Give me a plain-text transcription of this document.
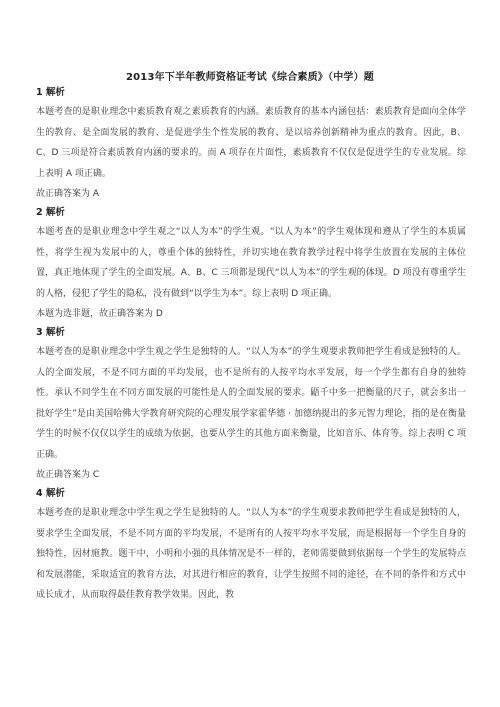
2013年下半年教师资格证考试《综合素质》（中学）题
1 解析

本题考查的是职业理念中素质教育观之素质教育的内涵。素质教育的基本内涵包括：素质教育是面向全体学生的教育、是全面发展的教育、是促进学生个性发展的教育、是以培养创新精神为重点的教育。因此，B、C、D 三项是符合素质教育内涵的要求的。而 A 项存在片面性，素质教育不仅仅是促进学生的专业发展。综上表明 A 项正确。

故正确答案为 A

2 解析

本题考查的是职业理念中学生观之“以人为本”的学生观。“以人为本”的学生观体现和遵从了学生的本质属性，将学生视为发展中的人，尊重个体的独特性，并切实地在教育教学过程中将学生放置在发展的主体位置，真正地体现了学生的全面发展。A、B、C 三项都是现代“以人为本”的学生观的体现。D 项没有尊重学生的人格，侵犯了学生的隐私，没有做到“以学生为本”。综上表明 D 项正确。

本题为选非题，故正确答案为 D

3 解析

本题考查的是职业理念中学生观之学生是独特的人。“以人为本”的学生观要求教师把学生看成是独特的人。人的全面发展，不是不同方面的平均发展，也不是所有的人按平均水平发展，每一个学生都有自身的独特性。承认不同学生在不同方面发展的可能性是人的全面发展的要求。鼯千中多一把衡量的尺子，就会多出一批好学生”是由美国哈佛大学教育研究院的心理发展学家霍华德 · 加德纳提出的多元智力理论，指的是在衡量学生的时候不仅仅以学生的成绩为依据，也要从学生的其他方面来衡量，比如音乐、体育等。综上表明 C 项正确。

故正确答案为 C

4 解析

本题考查的是职业理念中学生观之学生是独特的人。“以人为本”的学生观要求教师把学生看成是独特的人，要求学生全面发展，不是不同方面的平均发展，不是所有的人按平均水平发展，而是根据每一个学生自身的独特性，因材施教。题干中，小明和小强的具体情况是不一样的，老师需要做到依据每一个学生的发展特点和发展潜能，采取适宜的教育方法，对其进行相应的教育，让学生按照不同的途径，在不同的条件和方式中成长成才，从而取得最佳教育教学效果。因此，教
